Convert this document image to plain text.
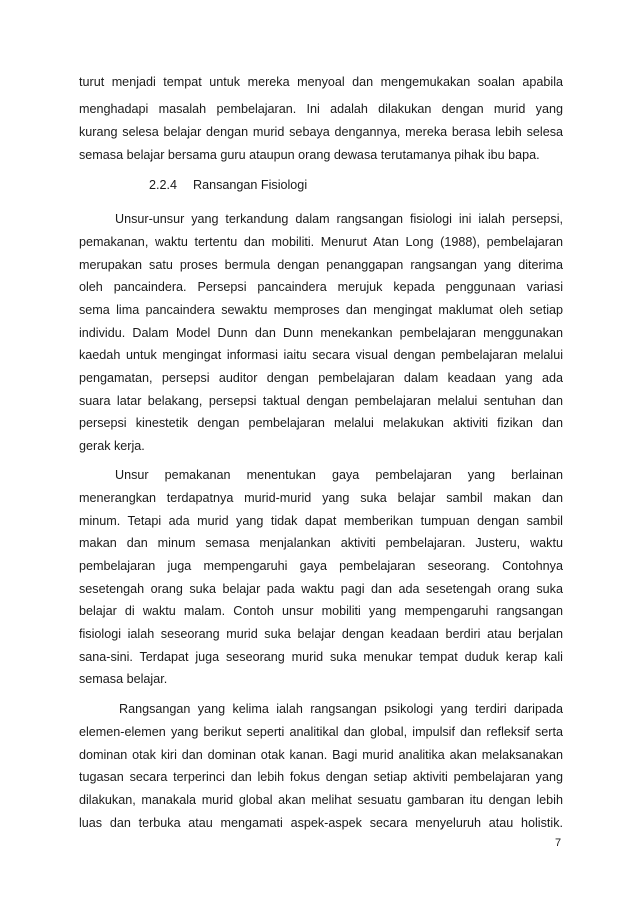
turut menjadi tempat untuk mereka menyoal dan mengemukakan soalan apabila
menghadapi masalah pembelajaran. Ini adalah dilakukan dengan murid yang
kurang selesa belajar dengan murid sebaya dengannya, mereka berasa lebih selesa
semasa belajar bersama guru ataupun orang dewasa terutamanya pihak ibu bapa.
2.2.4 Ransangan Fisiologi
Unsur-unsur yang terkandung dalam rangsangan fisiologi ini ialah persepsi,
pemakanan, waktu tertentu dan mobiliti. Menurut Atan Long (1988), pembelajaran
merupakan satu proses bermula dengan penanggapan rangsangan yang diterima
oleh pancaindera. Persepsi pancaindera merujuk kepada penggunaan variasi
sema lima pancaindera sewaktu memproses dan mengingat maklumat oleh setiap
individu. Dalam Model Dunn dan Dunn menekankan pembelajaran menggunakan
kaedah untuk mengingat informasi iaitu secara visual dengan pembelajaran melalui
pengamatan, persepsi auditor dengan pembelajaran dalam keadaan yang ada
suara latar belakang, persepsi taktual dengan pembelajaran melalui sentuhan dan
persepsi kinestetik dengan pembelajaran melalui melakukan aktiviti fizikan dan
gerak kerja.
Unsur pemakanan menentukan gaya pembelajaran yang berlainan
menerangkan terdapatnya murid-murid yang suka belajar sambil makan dan
minum. Tetapi ada murid yang tidak dapat memberikan tumpuan dengan sambil
makan dan minum semasa menjalankan aktiviti pembelajaran. Justeru, waktu
pembelajaran juga mempengaruhi gaya pembelajaran seseorang. Contohnya
sesetengah orang suka belajar pada waktu pagi dan ada sesetengah orang suka
belajar di waktu malam. Contoh unsur mobiliti yang mempengaruhi rangsangan
fisiologi ialah seseorang murid suka belajar dengan keadaan berdiri atau berjalan
sana-sini. Terdapat juga seseorang murid suka menukar tempat duduk kerap kali
semasa belajar.
Rangsangan yang kelima ialah rangsangan psikologi yang terdiri daripada
elemen-elemen yang berikut seperti analitikal dan global, impulsif dan refleksif serta
dominan otak kiri dan dominan otak kanan. Bagi murid analitika akan melaksanakan
tugasan secara terperinci dan lebih fokus dengan setiap aktiviti pembelajaran yang
dilakukan, manakala murid global akan melihat sesuatu gambaran itu dengan lebih
luas dan terbuka atau mengamati aspek-aspek secara menyeluruh atau holistik.
7
